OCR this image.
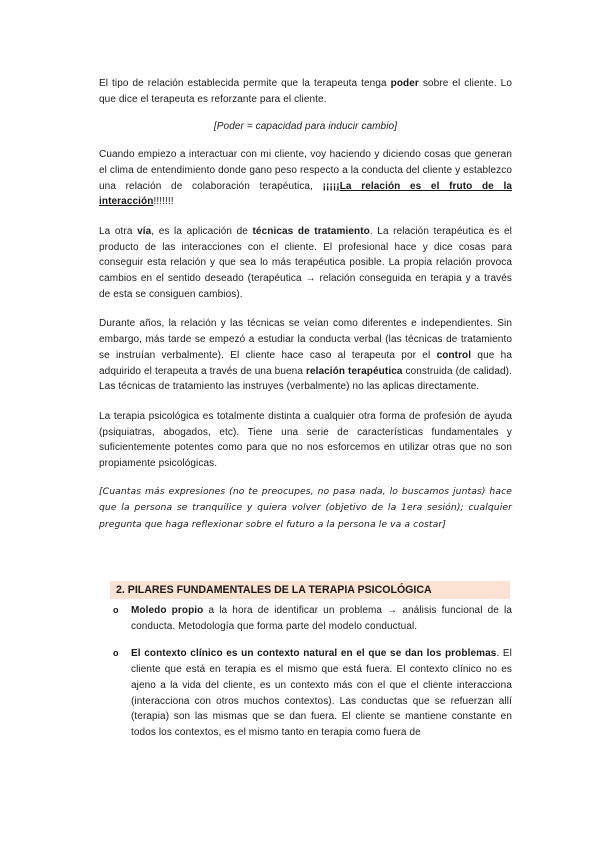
El tipo de relación establecida permite que la terapeuta tenga poder sobre el cliente. Lo que dice el terapeuta es reforzante para el cliente.

[Poder = capacidad para inducir cambio]

Cuando empiezo a interactuar con mi cliente, voy haciendo y diciendo cosas que generan el clima de entendimiento donde gano peso respecto a la conducta del cliente y establezco una relación de colaboración terapéutica, ¡¡¡¡¡La relación es el fruto de la interacción!!!!!!!

La otra vía, es la aplicación de técnicas de tratamiento. La relación terapéutica es el producto de las interacciones con el cliente. El profesional hace y dice cosas para conseguir esta relación y que sea lo más terapéutica posible. La propia relación provoca cambios en el sentido deseado (terapéutica → relación conseguida en terapia y a través de esta se consiguen cambios).

Durante años, la relación y las técnicas se veían como diferentes e independientes. Sin embargo, más tarde se empezó a estudiar la conducta verbal (las técnicas de tratamiento se instruían verbalmente). El cliente hace caso al terapeuta por el control que ha adquirido el terapeuta a través de una buena relación terapéutica construida (de calidad). Las técnicas de tratamiento las instruyes (verbalmente) no las aplicas directamente.

La terapia psicológica es totalmente distinta a cualquier otra forma de profesión de ayuda (psiquiatras, abogados, etc). Tiene una serie de características fundamentales y suficientemente potentes como para que no nos esforcemos en utilizar otras que no son propiamente psicológicas.

[Cuantas más expresiones (no te preocupes, no pasa nada, lo buscamos juntas) hace que la persona se tranquilice y quiera volver (objetivo de la 1era sesión); cualquier pregunta que haga reflexionar sobre el futuro a la persona le va a costar]

2. PILARES FUNDAMENTALES DE LA TERAPIA PSICOLÓGICA
o Moledo propio a la hora de identificar un problema → análisis funcional de la conducta. Metodología que forma parte del modelo conductual.

o El contexto clínico es un contexto natural en el que se dan los problemas. El cliente que está en terapia es el mismo que está fuera. El contexto clínico no es ajeno a la vida del cliente, es un contexto más con el que el cliente interacciona (interacciona con otros muchos contextos). Las conductas que se refuerzan allí (terapia) son las mismas que se dan fuera. El cliente se mantiene constante en todos los contextos, es el mismo tanto en terapia como fuera de
